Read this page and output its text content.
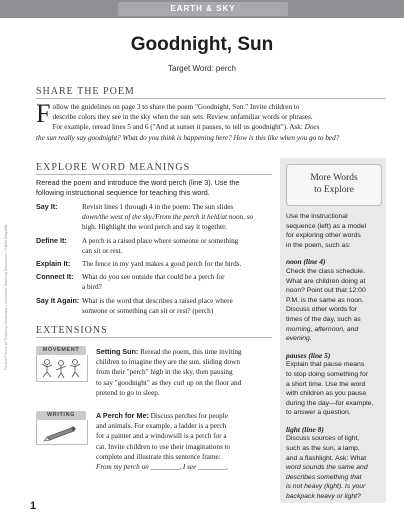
EARTH & SKY
Perfect Poems for Teaching Vocabulary • Scholastic Teaching Resources • © Beth Beguette
Goodnight, Sun
Target Word: perch
SHARE THE POEM
F ollow the guidelines on page 3 to share the poem "Goodnight, Sun." Invite children to
describe colors they see in the sky when the sun sets. Review unfamiliar words or phrases.
For example, reread lines 5 and 6 ("And at sunset it pauses, to tell us goodnight"). Ask: Does
the sun really say goodnight? What do you think is happening here? How is this like when you go to bed?
EXPLORE WORD MEANINGS
Reread the poem and introduce the word perch (line 3). Use the
following instructional sequence for teaching this word.
Say It:	Revisit lines 1 through 4 in the poem: The sun slides
down/the west of the sky./From the perch it held/at noon, so
high. Highlight the word perch and say it together.
Define It:	A perch is a raised place where someone or something
can sit or rest.
Explain It:	The fence in my yard makes a good perch for the birds.
Connect It:	What do you see outside that could be a perch for
a bird?
Say It Again: What is the word that describes a raised place where
someone or something can sit or rest? (perch)
EXTENSIONS
MOVEMENT	Setting Sun: Reread the poem, this time inviting
children to imagine they are the sun, sliding down
from their "perch" high in the sky, then pausing
to say "goodnight" as they curl up on the floor and
pretend to go to sleep.
WRITING	A Perch for Me: Discuss perches for people
and animals. For example, a ladder is a perch
for a painter and a windowsill is a perch for a
cat. Invite children to use their imaginations to
complete and illustrate this sentence frame:
From my perch on ________, I see ________.
More Words
to Explore
Use the instructional
sequence (left) as a model
for exploring other words
in the poem, such as:
noon (line 4)
Check the class schedule.
What are children doing at
noon? Point out that 12:00
P.M. is the same as noon.
Discuss other words for
times of the day, such as
morning, afternoon, and
evening.
pauses (line 5)
Explain that pause means
to stop doing something for
a short time. Use the word
with children as you pause
during the day—for example,
to answer a question.
light (line 8)
Discuss sources of light,
such as the sun, a lamp,
and a flashlight. Ask: What
word sounds the same and
describes something that
is not heavy (light). Is your
backpack heavy or light?
1
